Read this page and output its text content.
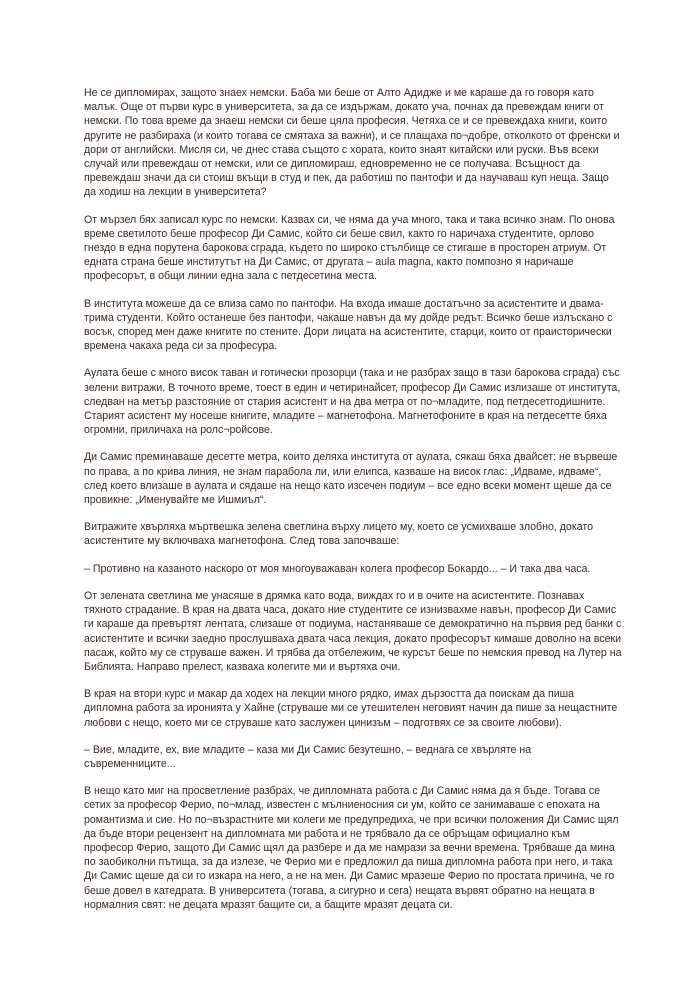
Не се дипломирах, защото знаех немски. Баба ми беше от Алто Адидже и ме караше да го говоря като малък. Още от първи курс в университета, за да се издържам, докато уча, почнах да превеждам книги от немски. По това време да знаеш немски си беше цяла професия. Четяха се и се превеждаха книги, които другите не разбираха (и които тогава се смятаха за важни), и се плащаха по¬добре, отколкото от френски и дори от английски. Мисля си, че днес става същото с хората, които знаят китайски или руски. Във всеки случай или превеждаш от немски, или се дипломираш, едновременно не се получава. Всъщност да превеждаш значи да си стоиш вкъщи в студ и пек, да работиш по пантофи и да научаваш куп неща. Защо да ходиш на лекции в университета?

От мързел бях записал курс по немски. Казвах си, че няма да уча много, така и така всичко знам. По онова време светилото беше професор Ди Самис, който си беше свил, както го наричаха студентите, орлово гнездо в една порутена барокова сграда, където по широко стълбище се стигаше в просторен атриум. От едната страна беше институтът на Ди Самис, от другата – aula magna, както помпозно я наричаше професорът, в общи линии една зала с петдесетина места.

В института можеше да се влиза само по пантофи. На входа имаше достатъчно за асистентите и двама-трима студенти. Който останеше без пантофи, чакаше навън да му дойде редът. Всичко беше излъскано с восък, според мен даже книгите по стените. Дори лицата на асистентите, старци, които от праисторически времена чакаха реда си за професура.

Аулата беше с много висок таван и готически прозорци (така и не разбрах защо в тази барокова сграда) със зелени витражи. В точното време, тоест в един и четиринайсет, професор Ди Самис излизаше от института, следван на метър разстояние от стария асистент и на два метра от по¬младите, под петдесетгодишните. Старият асистент му носеше книгите, младите – магнетофона. Магнетофоните в края на петдесетте бяха огромни, приличаха на ролс¬ройсове.

Ди Самис преминаваше десетте метра, които деляха института от аулата, сякаш бяха двайсет: не вървеше по права, а по крива линия, не знам парабола ли, или елипса, казваше на висок глас: „Идваме, идваме“, след което влизаше в аулата и сядаше на нещо като изсечен подиум – все едно всеки момент щеше да се провикне: „Именувайте ме Ишмиъл“.

Витражите хвърляха мъртвешка зелена светлина върху лицето му, което се усмихваше злобно, докато асистентите му включваха магнетофона. След това започваше:

– Противно на казаното наскоро от моя многоуважаван колега професор Бокардо... – И така два часа.

От зелената светлина ме унасяше в дрямка като вода, виждах го и в очите на асистентите. Познавах тяхното страдание. В края на двата часа, докато ние студентите се изнизвахме навън, професор Ди Самис ги караше да превъртят лентата, слизаше от подиума, настаняваше се демократично на първия ред банки с асистентите и всички заедно прослушваха двата часа лекция, докато професорът кимаше доволно на всеки пасаж, който му се струваше важен. И трябва да отбележим, че курсът беше по немския превод на Лутер на Библията. Направо прелест, казваха колегите ми и въртяха очи.

В края на втори курс и макар да ходех на лекции много рядко, имах дързостта да поискам да пиша дипломна работа за иронията у Хайне (струваше ми се утешителен неговият начин да пише за нещастните любови с нещо, което ми се струваше като заслужен цинизъм – подготвях се за своите любови).

– Вие, младите, ех, вие младите – каза ми Ди Самис безутешно, – веднага се хвърляте на съвременниците...

В нещо като миг на просветление разбрах, че дипломната работа с Ди Самис няма да я бъде. Тогава се сетих за професор Ферио, по¬млад, известен с мълниеносния си ум, който се занимаваше с епохата на романтизма и сие. Но по¬възрастните ми колеги ме предупредиха, че при всички положения Ди Самис щял да бъде втори рецензент на дипломната ми работа и не трябвало да се обръщам официално към професор Ферио, защото Ди Самис щял да разбере и да ме намрази за вечни времена. Трябваше да мина по заобиколни пътища, за да излезе, че Ферио ми е предложил да пиша дипломна работа при него, и така Ди Самис щеше да си го изкара на него, а не на мен. Ди Самис мразеше Ферио по простата причина, че го беше довел в катедрата. В университета (тогава, а сигурно и сега) нещата вървят обратно на нещата в нормалния свят: не децата мразят бащите си, а бащите мразят децата си.
